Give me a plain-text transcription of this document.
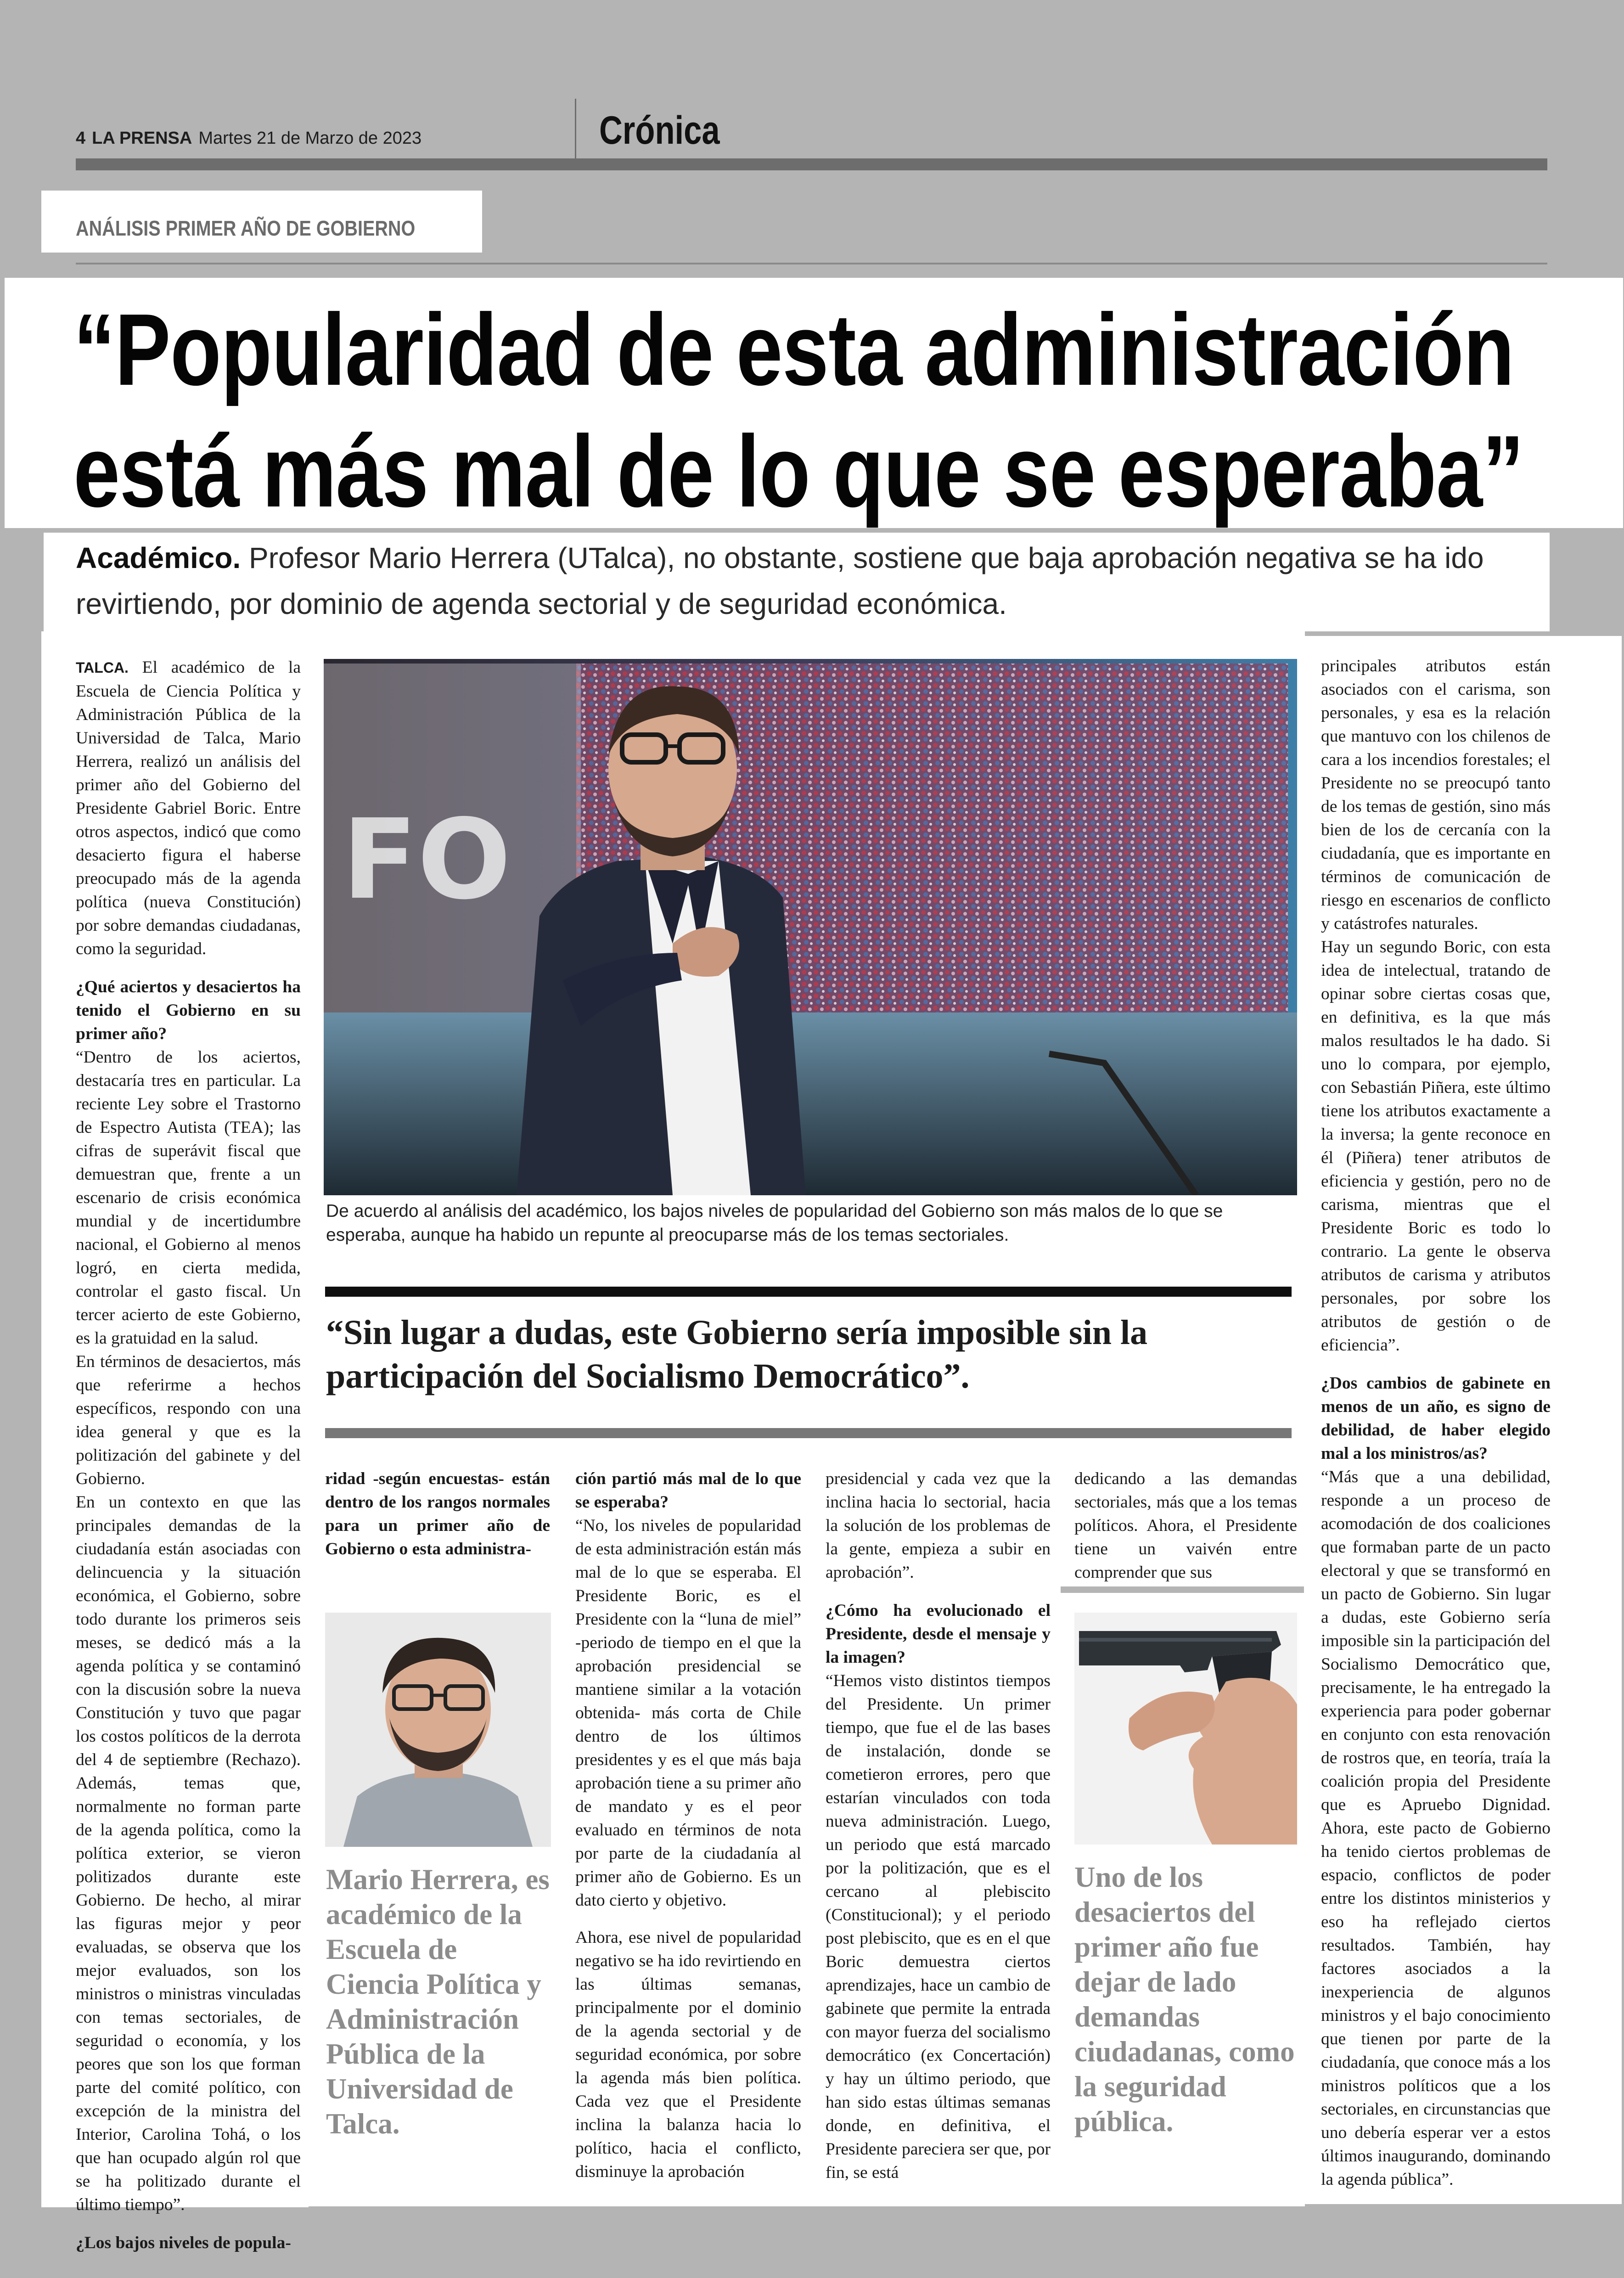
4 LA PRENSA Martes 21 de Marzo de 2023	Crónica
ANÁLISIS PRIMER AÑO DE GOBIERNO
“Popularidad de esta administración
está más mal de lo que se esperaba”
Académico. Profesor Mario Herrera (UTalca), no obstante, sostiene que baja aprobación negativa se ha ido revirtiendo, por dominio de agenda sectorial y de seguridad económica.

TALCA. El académico de la Escuela de Ciencia Política y Administración Pública de la Universidad de Talca, Mario Herrera, realizó un análisis del primer año del Gobierno del Presidente Gabriel Boric. Entre otros aspectos, indicó que como desacierto figura el haberse preocupado más de la agenda política (nueva Constitución) por sobre demandas ciudadanas, como la seguridad.

¿Qué aciertos y desaciertos ha tenido el Gobierno en su primer año?

“Dentro de los aciertos, destacaría tres en particular. La reciente Ley sobre el Trastorno de Espectro Autista (TEA); las cifras de superávit fiscal que demuestran que, frente a un escenario de crisis económica mundial y de incertidumbre nacional, el Gobierno al menos logró, en cierta medida, controlar el gasto fiscal. Un tercer acierto de este Gobierno, es la gratuidad en la salud.

En términos de desaciertos, más que referirme a hechos específicos, respondo con una idea general y que es la politización del gabinete y del Gobierno.

En un contexto en que las principales demandas de la ciudadanía están asociadas con delincuencia y la situación económica, el Gobierno, sobre todo durante los primeros seis meses, se dedicó más a la agenda política y se contaminó con la discusión sobre la nueva Constitución y tuvo que pagar los costos políticos de la derrota del 4 de septiembre (Rechazo). Además, temas que, normalmente no forman parte de la agenda política, como la política exterior, se vieron politizados durante este Gobierno. De hecho, al mirar las figuras mejor y peor evaluadas, se observa que los mejor evaluados, son los ministros o ministras vinculadas con temas sectoriales, de seguridad o economía, y los peores que son los que forman parte del comité político, con excepción de la ministra del Interior, Carolina Tohá, o los que han ocupado algún rol que se ha politizado durante el último tiempo”.

¿Los bajos niveles de popula-

FO
De acuerdo al análisis del académico, los bajos niveles de popularidad del Gobierno son más malos de lo que se esperaba, aunque ha habido un repunte al preocuparse más de los temas sectoriales.
“Sin lugar a dudas, este Gobierno sería imposible sin la participación del Socialismo Democrático”.

ridad -según encuestas- están dentro de los rangos normales para un primer año de Gobierno o esta administra-

Mario Herrera, es académico de la Escuela de Ciencia Política y Administración Pública de la Universidad de Talca.

ción partió más mal de lo que se esperaba?

“No, los niveles de popularidad de esta administración están más mal de lo que se esperaba. El Presidente Boric, es el Presidente con la “luna de miel” -periodo de tiempo en el que la aprobación presidencial se mantiene similar a la votación obtenida- más corta de Chile dentro de los últimos presidentes y es el que más baja aprobación tiene a su primer año de mandato y es el peor evaluado en términos de nota por parte de la ciudadanía al primer año de Gobierno. Es un dato cierto y objetivo.

Ahora, ese nivel de popularidad negativo se ha ido revirtiendo en las últimas semanas, principalmente por el dominio de la agenda sectorial y de seguridad económica, por sobre la agenda más bien política. Cada vez que el Presidente inclina la balanza hacia lo político, hacia el conflicto, disminuye la aprobación

presidencial y cada vez que la inclina hacia lo sectorial, hacia la solución de los problemas de la gente, empieza a subir en aprobación”.

¿Cómo ha evolucionado el Presidente, desde el mensaje y la imagen?

“Hemos visto distintos tiempos del Presidente. Un primer tiempo, que fue el de las bases de instalación, donde se cometieron errores, pero que estarían vinculados con toda nueva administración. Luego, un periodo que está marcado por la politización, que es el cercano al plebiscito (Constitucional); y el periodo post plebiscito, que es en el que Boric demuestra ciertos aprendizajes, hace un cambio de gabinete que permite la entrada con mayor fuerza del socialismo democrático (ex Concertación) y hay un último periodo, que han sido estas últimas semanas donde, en definitiva, el Presidente pareciera ser que, por fin, se está

dedicando a las demandas sectoriales, más que a los temas políticos. Ahora, el Presidente tiene un vaivén entre comprender que sus

Uno de los desaciertos del primer año fue dejar de lado demandas ciudadanas, como la seguridad pública.

principales atributos están asociados con el carisma, son personales, y esa es la relación que mantuvo con los chilenos de cara a los incendios forestales; el Presidente no se preocupó tanto de los temas de gestión, sino más bien de los de cercanía con la ciudadanía, que es importante en términos de comunicación de riesgo en escenarios de conflicto y catástrofes naturales.

Hay un segundo Boric, con esta idea de intelectual, tratando de opinar sobre ciertas cosas que, en definitiva, es la que más malos resultados le ha dado. Si uno lo compara, por ejemplo, con Sebastián Piñera, este último tiene los atributos exactamente a la inversa; la gente reconoce en él (Piñera) tener atributos de eficiencia y gestión, pero no de carisma, mientras que el Presidente Boric es todo lo contrario. La gente le observa atributos de carisma y atributos personales, por sobre los atributos de gestión o de eficiencia”.

¿Dos cambios de gabinete en menos de un año, es signo de debilidad, de haber elegido mal a los ministros/as?

“Más que a una debilidad, responde a un proceso de acomodación de dos coaliciones que formaban parte de un pacto electoral y que se transformó en un pacto de Gobierno. Sin lugar a dudas, este Gobierno sería imposible sin la participación del Socialismo Democrático que, precisamente, le ha entregado la experiencia para poder gobernar en conjunto con esta renovación de rostros que, en teoría, traía la coalición propia del Presidente que es Apruebo Dignidad. Ahora, este pacto de Gobierno ha tenido ciertos problemas de espacio, conflictos de poder entre los distintos ministerios y eso ha reflejado ciertos resultados. También, hay factores asociados a la inexperiencia de algunos ministros y el bajo conocimiento que tienen por parte de la ciudadanía, que conoce más a los ministros políticos que a los sectoriales, en circunstancias que uno debería esperar ver a estos últimos inaugurando, dominando la agenda pública”.
